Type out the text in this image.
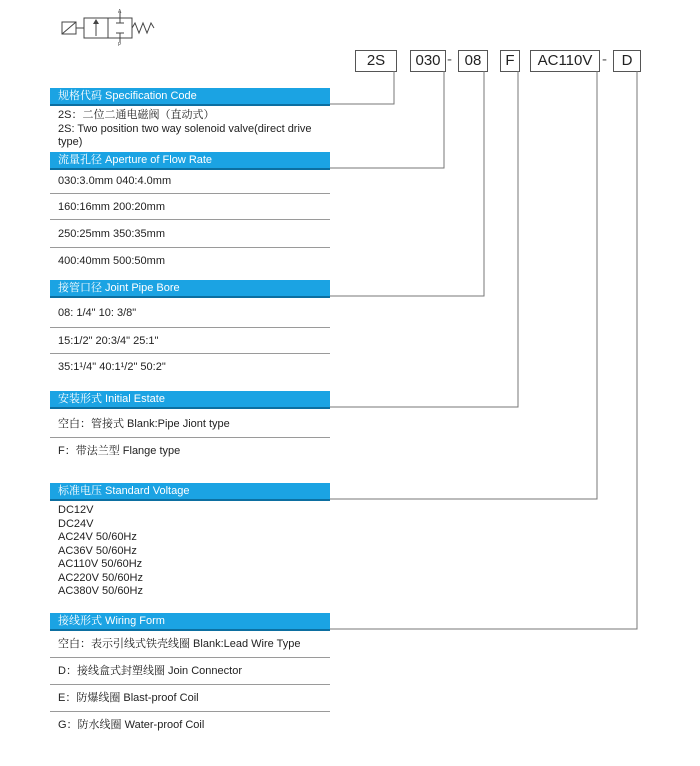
A
P
2S	030 - 08	F	AC110V - D
规格代码 Specification Code
2S：二位二通电磁阀（直动式）
2S: Two position two way solenoid valve(direct drive type)
流量孔径 Aperture of Flow Rate
030:3.0mm 040:4.0mm
160:16mm 200:20mm
250:25mm 350:35mm
400:40mm 500:50mm
接管口径 Joint Pipe Bore
08: 1/4" 10: 3/8"
15:1/2" 20:3/4" 25:1"
35:1¹/4" 40:1¹/2" 50:2"
安装形式 Initial Estate
空白：管接式 Blank:Pipe Jiont type
F：带法兰型 Flange type
标准电压 Standard Voltage
DC12V
DC24V
AC24V 50/60Hz
AC36V 50/60Hz
AC110V 50/60Hz
AC220V 50/60Hz
AC380V 50/60Hz
接线形式 Wiring Form
空白：表示引线式铁壳线圈 Blank:Lead Wire Type
D：接线盒式封塑线圈 Join Connector
E：防爆线圈 Blast-proof Coil
G：防水线圈 Water-proof Coil
